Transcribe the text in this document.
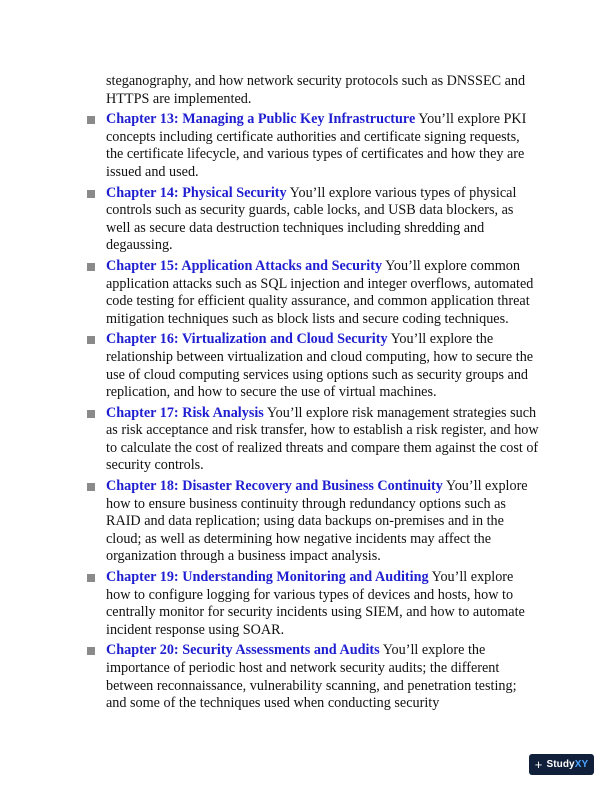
steganography, and how network security protocols such as DNSSEC and HTTPS are implemented.

Chapter 13: Managing a Public Key Infrastructure You’ll explore PKI concepts including certificate authorities and certificate signing requests, the certificate lifecycle, and various types of certificates and how they are issued and used.
Chapter 14: Physical Security You’ll explore various types of physical controls such as security guards, cable locks, and USB data blockers, as well as secure data destruction techniques including shredding and degaussing.
Chapter 15: Application Attacks and Security You’ll explore common application attacks such as SQL injection and integer overflows, automated code testing for efficient quality assurance, and common application threat mitigation techniques such as block lists and secure coding techniques.
Chapter 16: Virtualization and Cloud Security You’ll explore the relationship between virtualization and cloud computing, how to secure the use of cloud computing services using options such as security groups and replication, and how to secure the use of virtual machines.
Chapter 17: Risk Analysis You’ll explore risk management strategies such as risk acceptance and risk transfer, how to establish a risk register, and how to calculate the cost of realized threats and compare them against the cost of security controls.
Chapter 18: Disaster Recovery and Business Continuity You’ll explore how to ensure business continuity through redundancy options such as RAID and data replication; using data backups on-premises and in the cloud; as well as determining how negative incidents may affect the organization through a business impact analysis.
Chapter 19: Understanding Monitoring and Auditing You’ll explore how to configure logging for various types of devices and hosts, how to centrally monitor for security incidents using SIEM, and how to automate incident response using SOAR.
Chapter 20: Security Assessments and Audits You’ll explore the importance of periodic host and network security audits; the different between reconnaissance, vulnerability scanning, and penetration testing; and some of the techniques used when conducting security
+ Study XY
